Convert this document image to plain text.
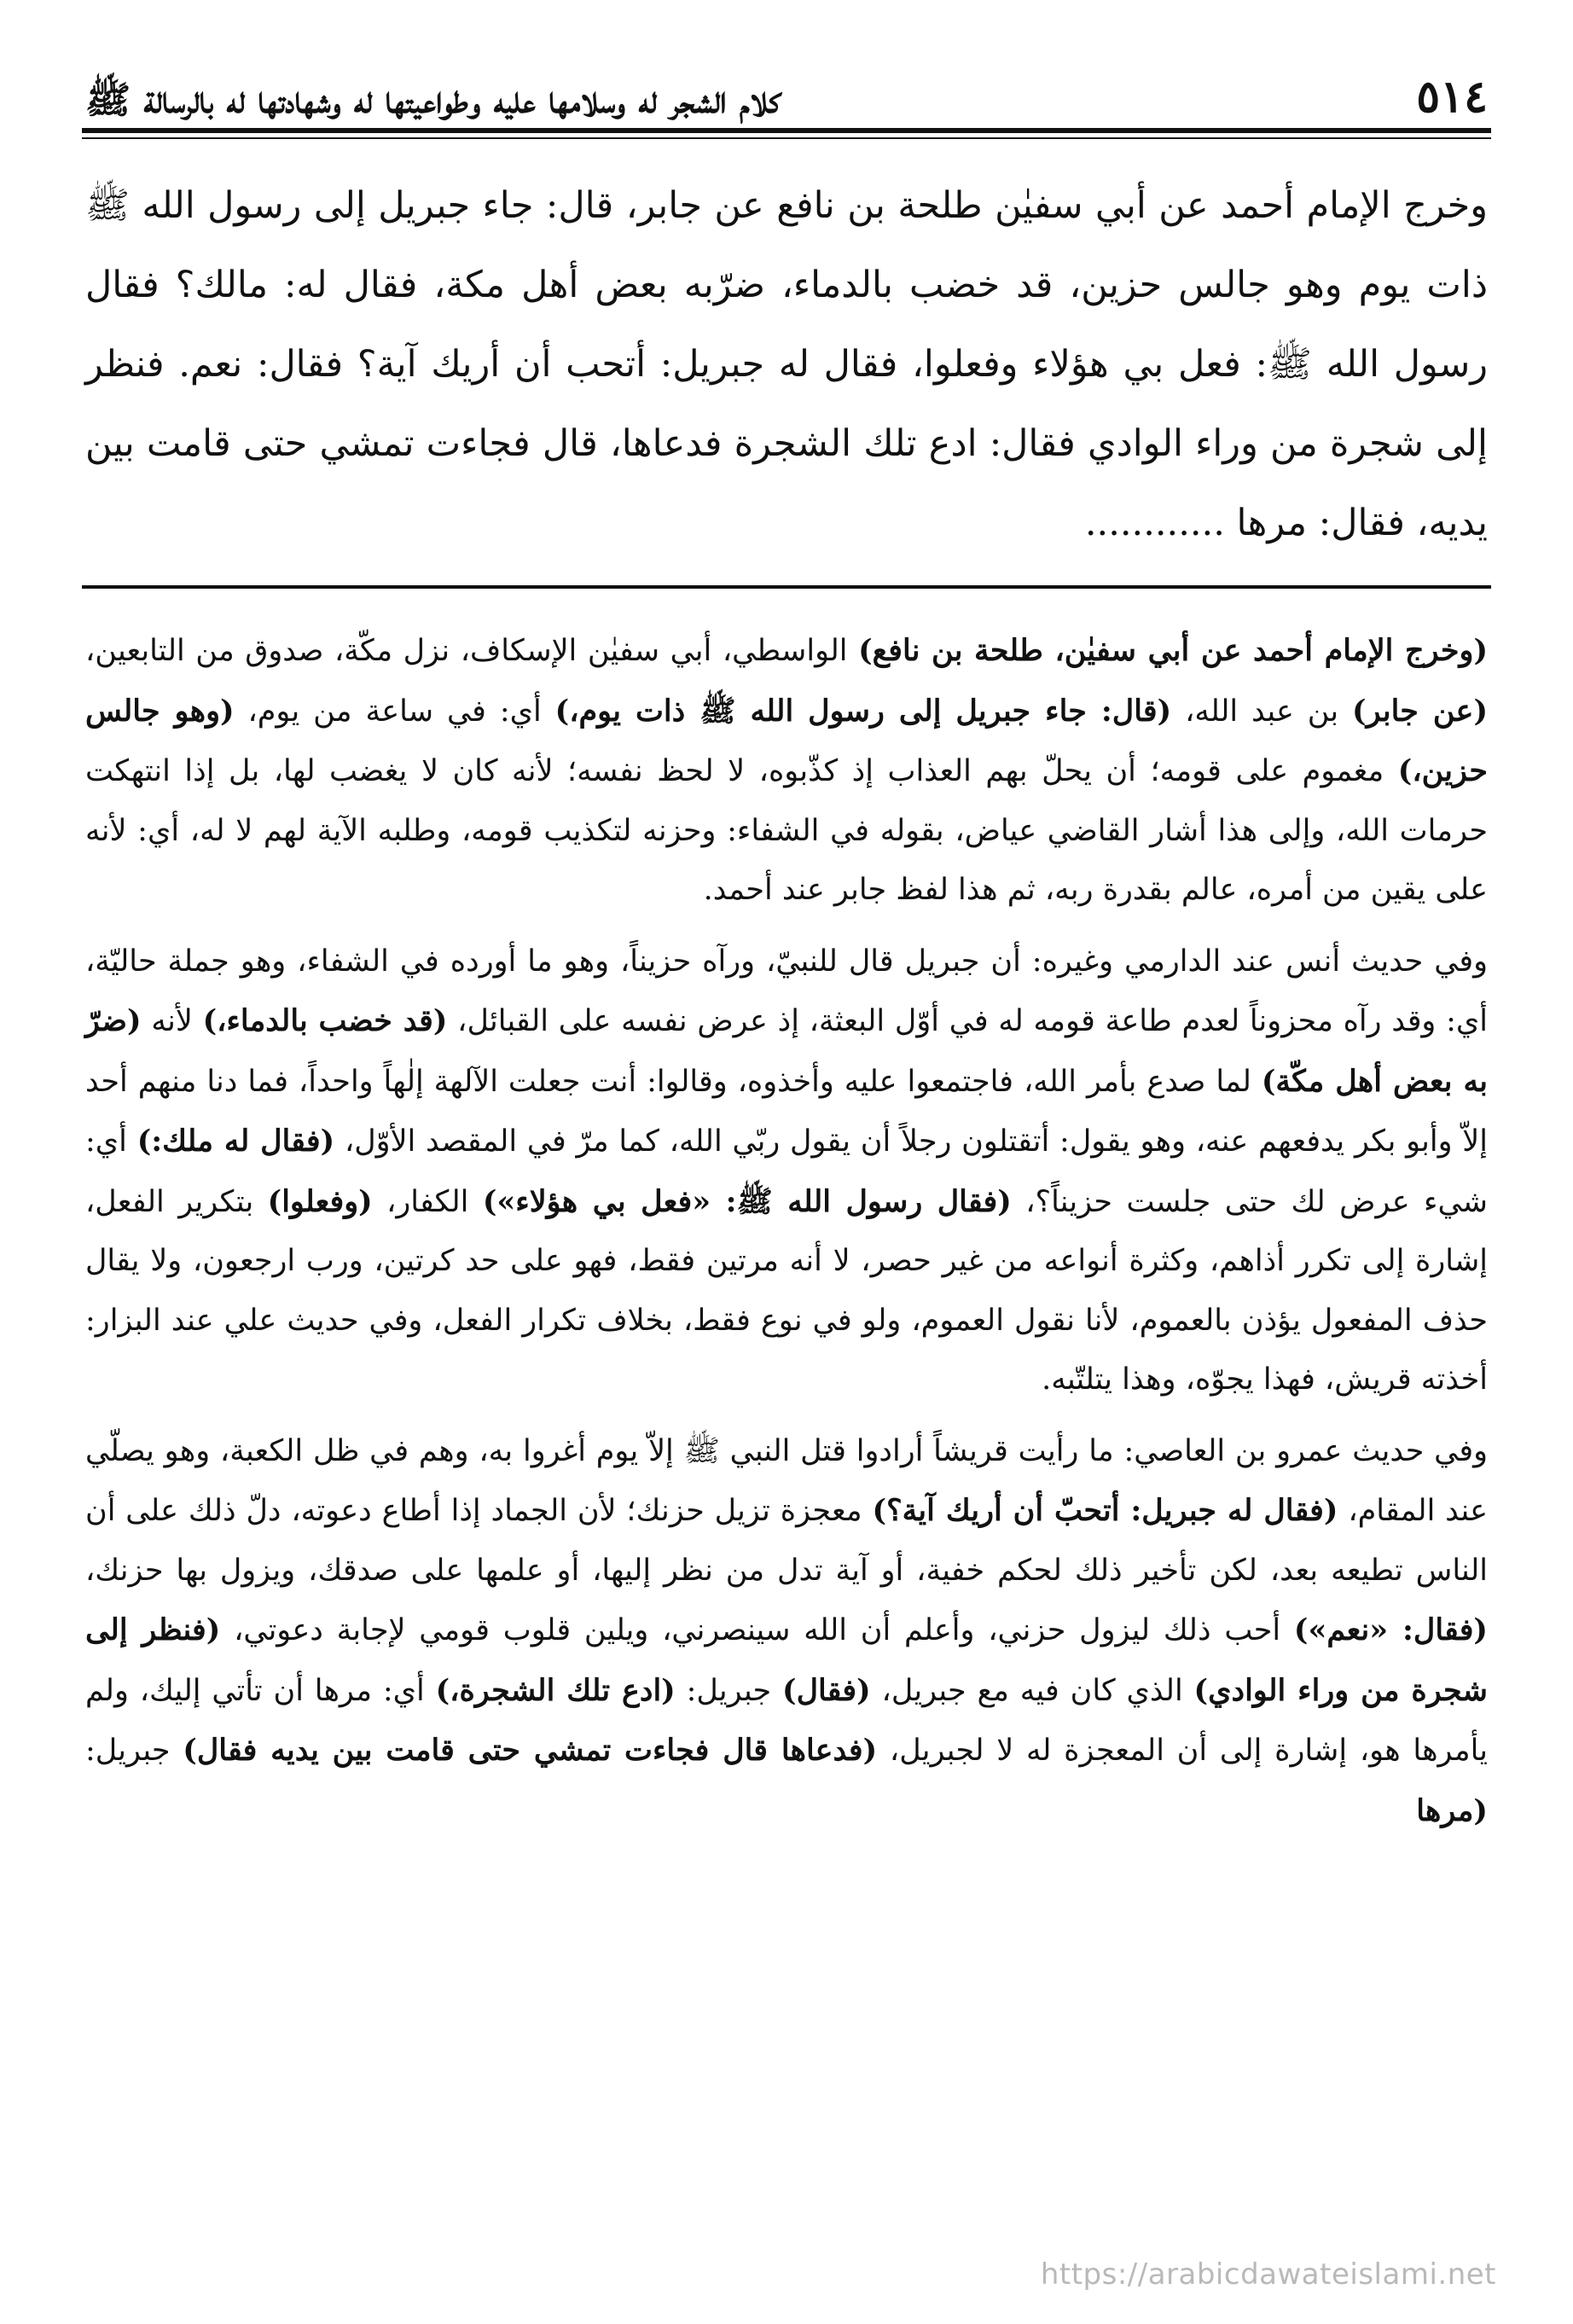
٥١٤
كلام الشجر له وسلامها عليه وطواعيتها له وشهادتها له بالرسالة ﷺ

وخرج الإمام أحمد عن أبي سفيٰن طلحة بن نافع عن جابر، قال: جاء جبريل إلى رسول الله ﷺ ذات يوم وهو جالس حزين، قد خضب بالدماء، ضرّبه بعض أهل مكة، فقال له: مالك؟ فقال رسول الله ﷺ: فعل بي هؤلاء وفعلوا، فقال له جبريل: أتحب أن أريك آية؟ فقال: نعم. فنظر إلى شجرة من وراء الوادي فقال: ادع تلك الشجرة فدعاها، قال فجاءت تمشي حتى قامت بين يديه، فقال: مرها ............

(وخرج الإمام أحمد عن أبي سفيٰن، طلحة بن نافع) الواسطي، أبي سفيٰن الإسكاف، نزل مكّة، صدوق من التابعين، (عن جابر) بن عبد الله، (قال: جاء جبريل إلى رسول الله ﷺ ذات يوم،) أي: في ساعة من يوم، (وهو جالس حزين،) مغموم على قومه؛ أن يحلّ بهم العذاب إذ كذّبوه، لا لحظ نفسه؛ لأنه كان لا يغضب لها، بل إذا انتهكت حرمات الله، وإلى هذا أشار القاضي عياض، بقوله في الشفاء: وحزنه لتكذيب قومه، وطلبه الآية لهم لا له، أي: لأنه على يقين من أمره، عالم بقدرة ربه، ثم هذا لفظ جابر عند أحمد.

وفي حديث أنس عند الدارمي وغيره: أن جبريل قال للنبيّ، ورآه حزيناً، وهو ما أورده في الشفاء، وهو جملة حاليّة، أي: وقد رآه محزوناً لعدم طاعة قومه له في أوّل البعثة، إذ عرض نفسه على القبائل، (قد خضب بالدماء،) لأنه (ضرّ به بعض أهل مكّة) لما صدع بأمر الله، فاجتمعوا عليه وأخذوه، وقالوا: أنت جعلت الآلهة إلٰهاً واحداً، فما دنا منهم أحد إلاّ وأبو بكر يدفعهم عنه، وهو يقول: أتقتلون رجلاً أن يقول ربّي الله، كما مرّ في المقصد الأوّل، (فقال له ملك:) أي: شيء عرض لك حتى جلست حزيناً؟، (فقال رسول الله ﷺ: «فعل بي هؤلاء») الكفار، (وفعلوا) بتكرير الفعل، إشارة إلى تكرر أذاهم، وكثرة أنواعه من غير حصر، لا أنه مرتين فقط، فهو على حد كرتين، ورب ارجعون، ولا يقال حذف المفعول يؤذن بالعموم، لأنا نقول العموم، ولو في نوع فقط، بخلاف تكرار الفعل، وفي حديث علي عند البزار: أخذته قريش، فهذا يجوّه، وهذا يتلتّبه.

وفي حديث عمرو بن العاصي: ما رأيت قريشاً أرادوا قتل النبي ﷺ إلاّ يوم أغروا به، وهم في ظل الكعبة، وهو يصلّي عند المقام، (فقال له جبريل: أتحبّ أن أريك آية؟) معجزة تزيل حزنك؛ لأن الجماد إذا أطاع دعوته، دلّ ذلك على أن الناس تطيعه بعد، لكن تأخير ذلك لحكم خفية، أو آية تدل من نظر إليها، أو علمها على صدقك، ويزول بها حزنك، (فقال: «نعم») أحب ذلك ليزول حزني، وأعلم أن الله سينصرني، ويلين قلوب قومي لإجابة دعوتي، (فنظر إلى شجرة من وراء الوادي) الذي كان فيه مع جبريل، (فقال) جبريل: (ادع تلك الشجرة،) أي: مرها أن تأتي إليك، ولم يأمرها هو، إشارة إلى أن المعجزة له لا لجبريل، (فدعاها قال فجاءت تمشي حتى قامت بين يديه فقال) جبريل: (مرها

https://arabicdawateislami.net
